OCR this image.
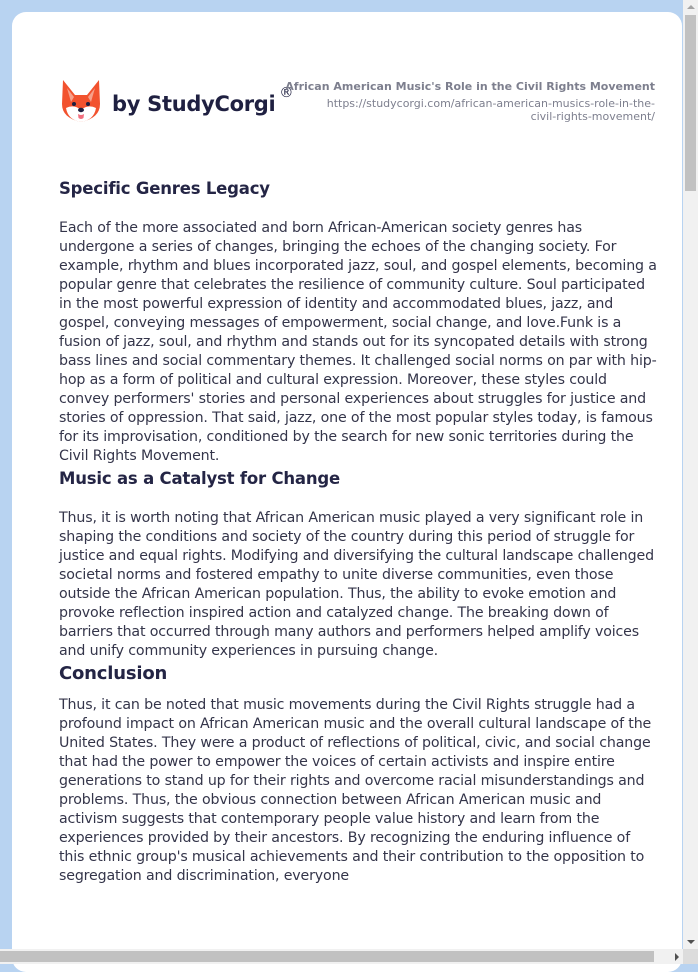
by StudyCorgi ®
African American Music's Role in the Civil Rights Movement
https://studycorgi.com/african-american-musics-role-in-the-
civil-rights-movement/
Specific Genres Legacy

Each of the more associated and born African-American society genres has undergone a series of changes, bringing the echoes of the changing society. For example, rhythm and blues incorporated jazz, soul, and gospel elements, becoming a popular genre that celebrates the resilience of community culture. Soul participated in the most powerful expression of identity and accommodated blues, jazz, and gospel, conveying messages of empowerment, social change, and love.Funk is a fusion of jazz, soul, and rhythm and stands out for its syncopated details with strong bass lines and social commentary themes. It challenged social norms on par with hip-hop as a form of political and cultural expression. Moreover, these styles could convey performers' stories and personal experiences about struggles for justice and stories of oppression. That said, jazz, one of the most popular styles today, is famous for its improvisation, conditioned by the search for new sonic territories during the Civil Rights Movement.

Music as a Catalyst for Change

Thus, it is worth noting that African American music played a very significant role in shaping the conditions and society of the country during this period of struggle for justice and equal rights. Modifying and diversifying the cultural landscape challenged societal norms and fostered empathy to unite diverse communities, even those outside the African American population. Thus, the ability to evoke emotion and provoke reflection inspired action and catalyzed change. The breaking down of barriers that occurred through many authors and performers helped amplify voices and unify community experiences in pursuing change.

Conclusion

Thus, it can be noted that music movements during the Civil Rights struggle had a profound impact on African American music and the overall cultural landscape of the United States. They were a product of reflections of political, civic, and social change that had the power to empower the voices of certain activists and inspire entire generations to stand up for their rights and overcome racial misunderstandings and problems. Thus, the obvious connection between African American music and activism suggests that contemporary people value history and learn from the experiences provided by their ancestors. By recognizing the enduring influence of this ethnic group's musical achievements and their contribution to the opposition to segregation and discrimination, everyone
